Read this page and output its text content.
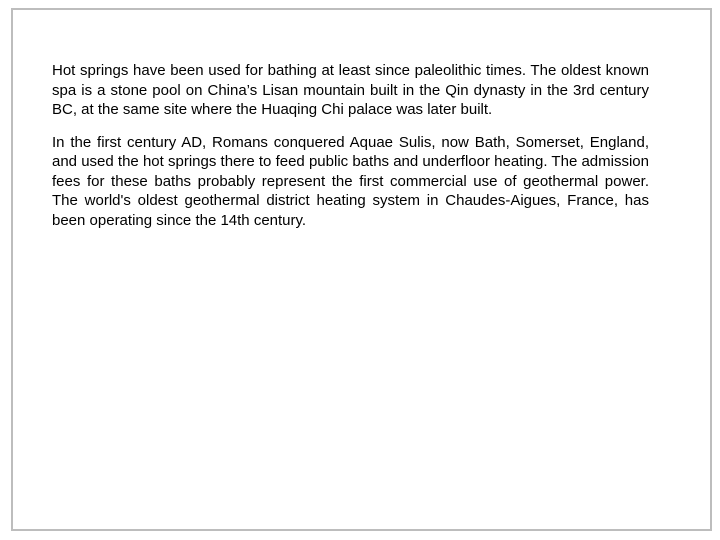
Hot springs have been used for bathing at least since paleolithic times. The oldest known spa is a stone pool on China’s Lisan mountain built in the Qin dynasty in the 3rd century BC, at the same site where the Huaqing Chi palace was later built.

In the first century AD, Romans conquered Aquae Sulis, now Bath, Somerset, England, and used the hot springs there to feed public baths and underfloor heating. The admission fees for these baths probably represent the first commercial use of geothermal power. The world's oldest geothermal district heating system in Chaudes-Aigues, France, has been operating since the 14th century.
